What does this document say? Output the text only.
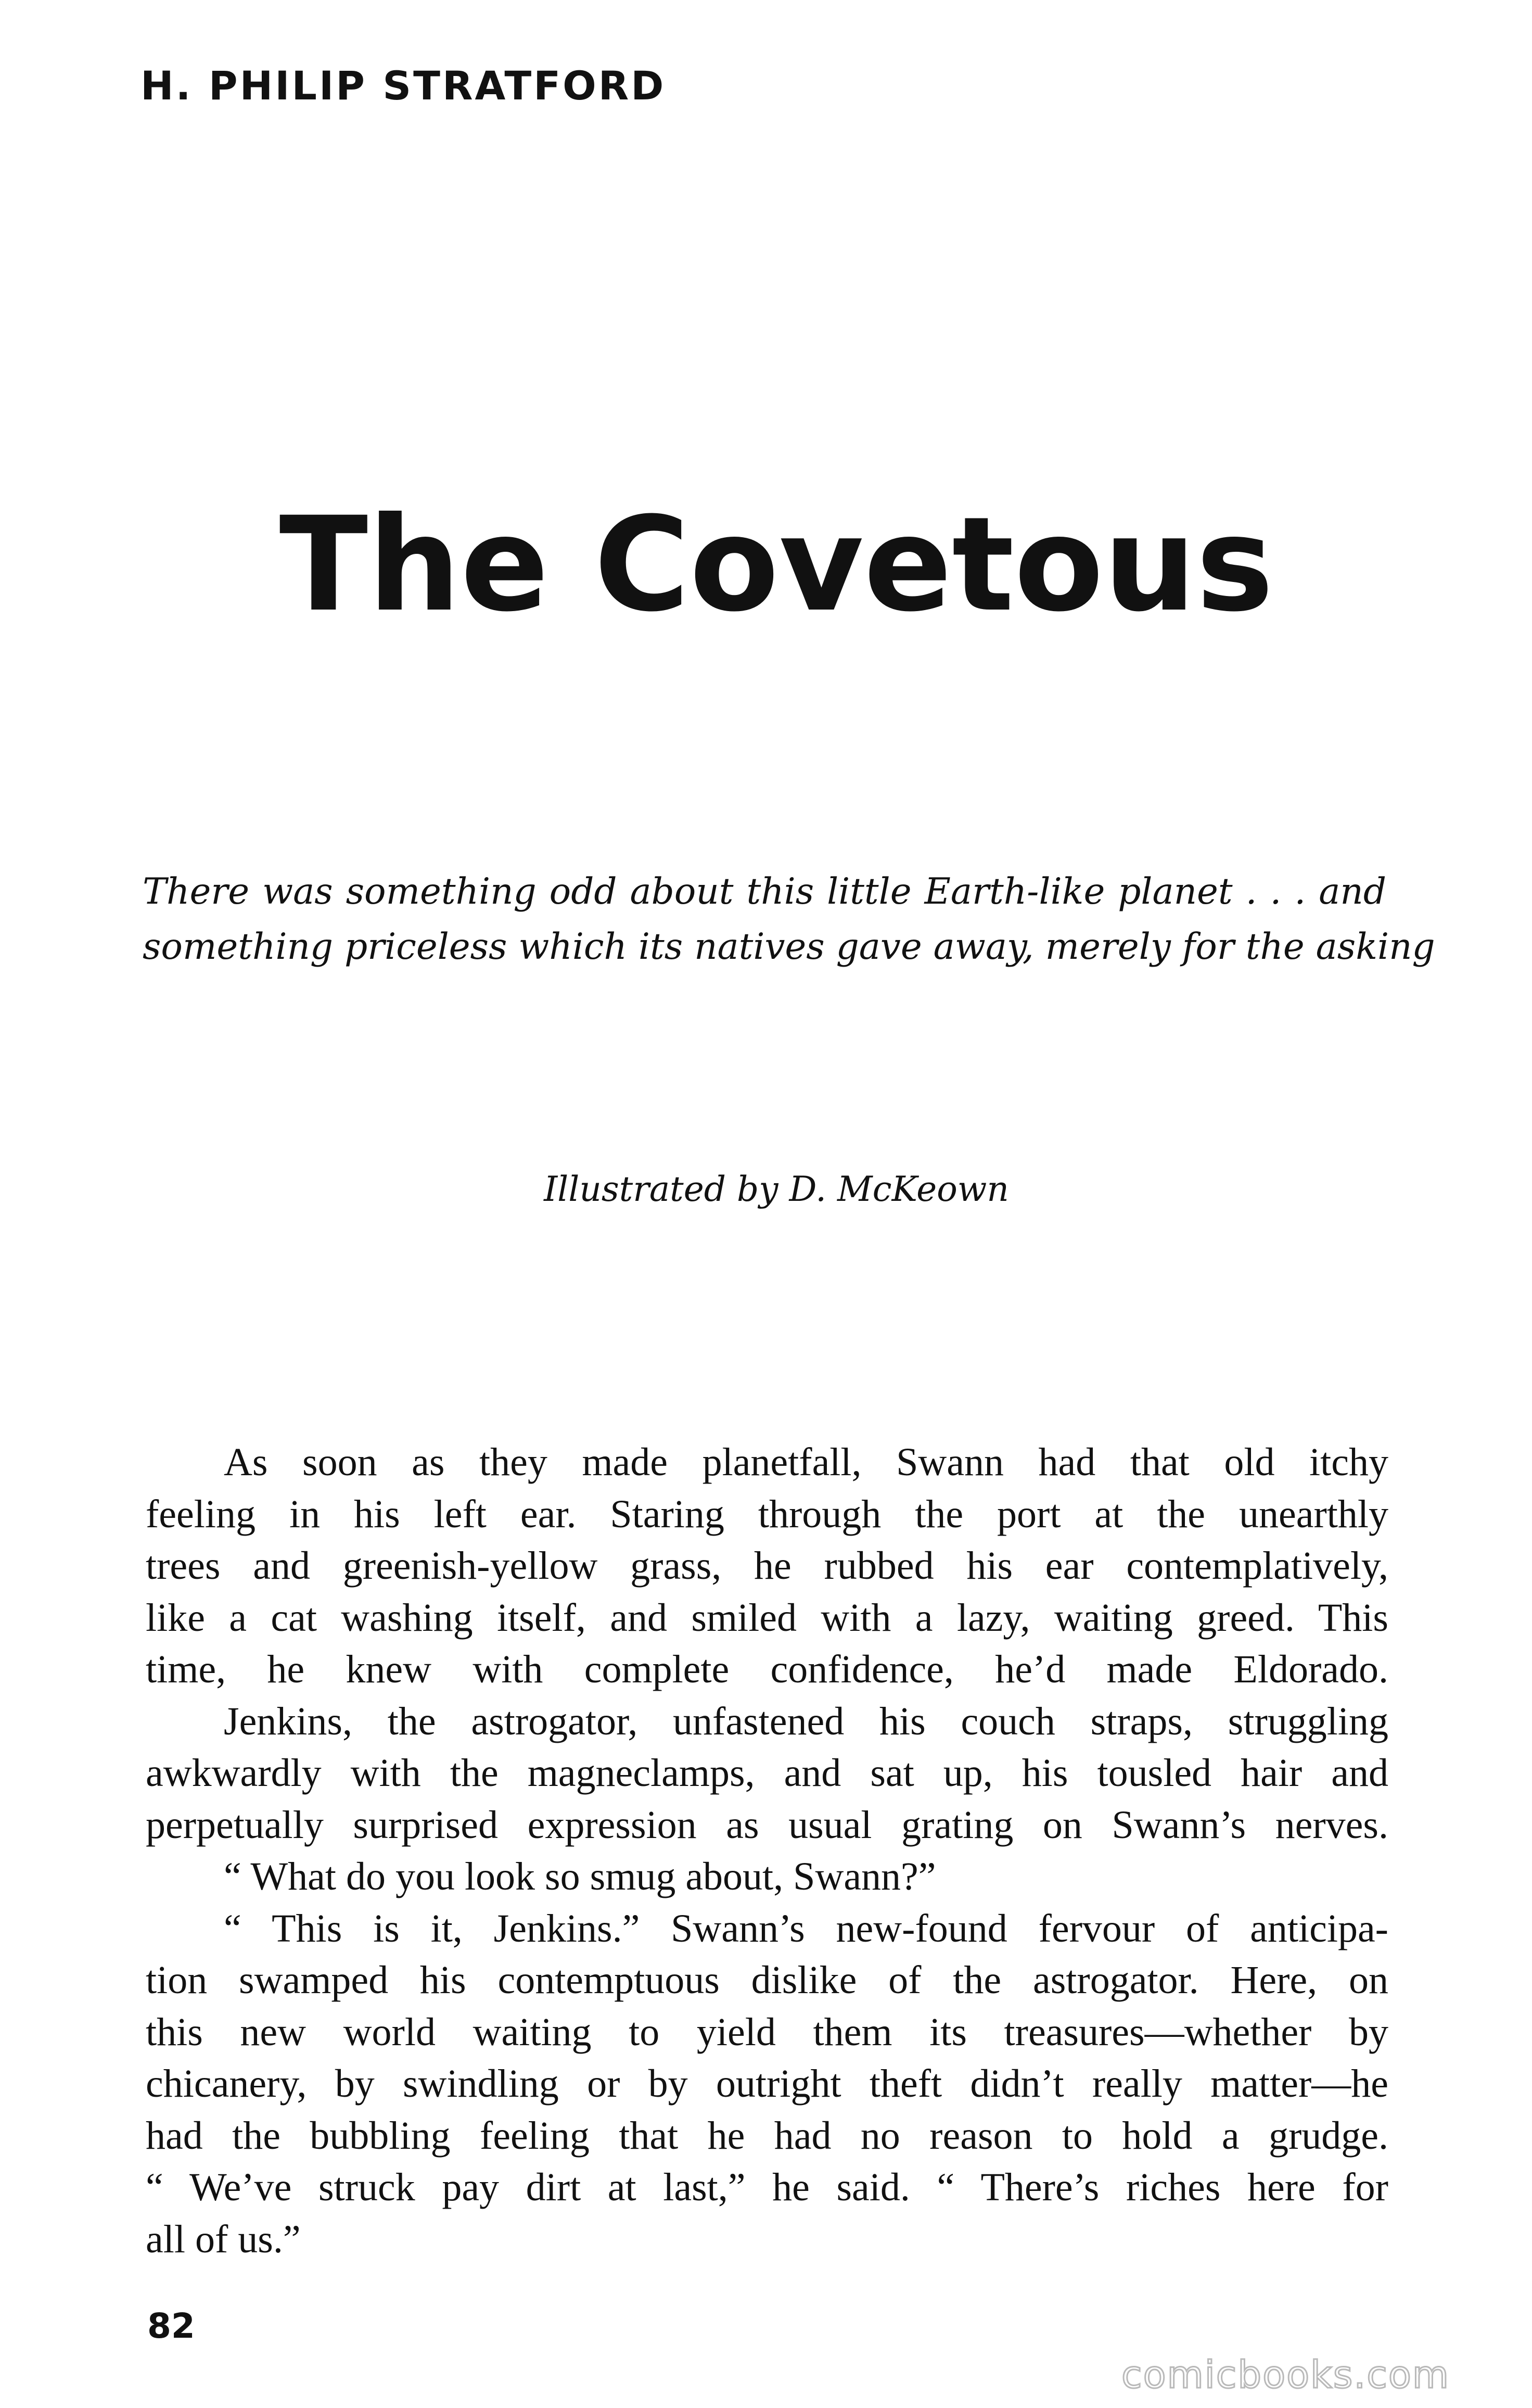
H. PHILIP STRATFORD
The Covetous

There was something odd about this little Earth-like planet . . . and
something priceless which its natives gave away, merely for the asking

Illustrated by D. McKeown

As soon as they made planetfall, Swann had that old itchy
feeling in his left ear. Staring through the port at the unearthly
trees and greenish-yellow grass, he rubbed his ear contemplatively,
like a cat washing itself, and smiled with a lazy, waiting greed. This
time, he knew with complete confidence, he’d made Eldorado.
Jenkins, the astrogator, unfastened his couch straps, struggling
awkwardly with the magneclamps, and sat up, his tousled hair and
perpetually surprised expression as usual grating on Swann’s nerves.
“ What do you look so smug about, Swann?”
“ This is it, Jenkins.” Swann’s new-found fervour of anticipa-
tion swamped his contemptuous dislike of the astrogator. Here, on
this new world waiting to yield them its treasures—whether by
chicanery, by swindling or by outright theft didn’t really matter—he
had the bubbling feeling that he had no reason to hold a grudge.
“ We’ve struck pay dirt at last,” he said. “ There’s riches here for
all of us.”
82
comicbooks.com
